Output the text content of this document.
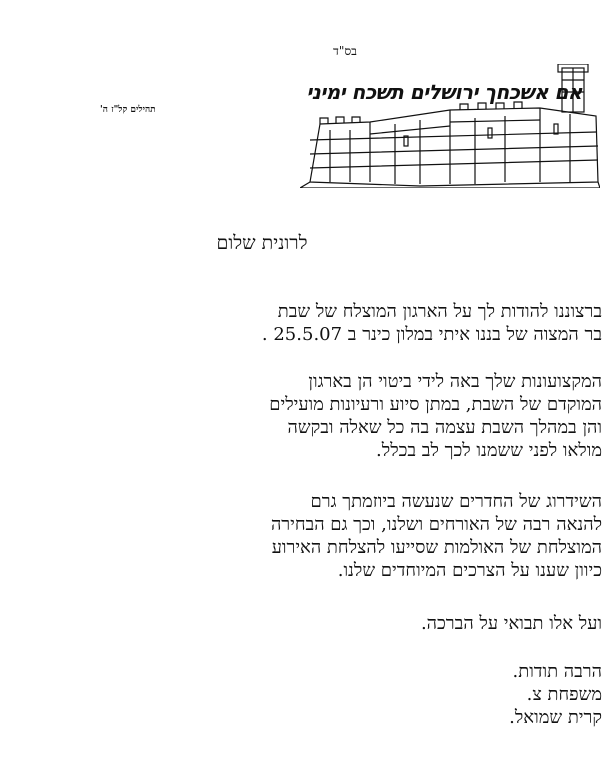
בס"ד
אם אשכחך ירושלים תשכח ימיני
תהילים קל"ז ה'
לרונית שלום
ברצוננו להודות לך על הארגון המוצלח של שבת
בר המצוה של בננו איתי במלון כינר ב 25.5.07 .
המקצועונות שלך באה לידי ביטוי הן בארגון
המוקדם של השבת, במתן סיוע ורעיונות מועילים
והן במהלך השבת עצמה בה כל שאלה ובקשה
מולאו לפני ששמנו לכך לב בכלל.
השידרוג של החדרים שנעשה ביוזמתך גרם
להנאה רבה של האורחים ושלנו, וכך גם הבחירה
המוצלחת של האולמות שסייעו להצלחת האירוע
כיוון שענו על הצרכים המיוחדים שלנו.
ועל אלו תבואי על הברכה.
הרבה תודות.
משפחת צ.
קרית שמואל.
